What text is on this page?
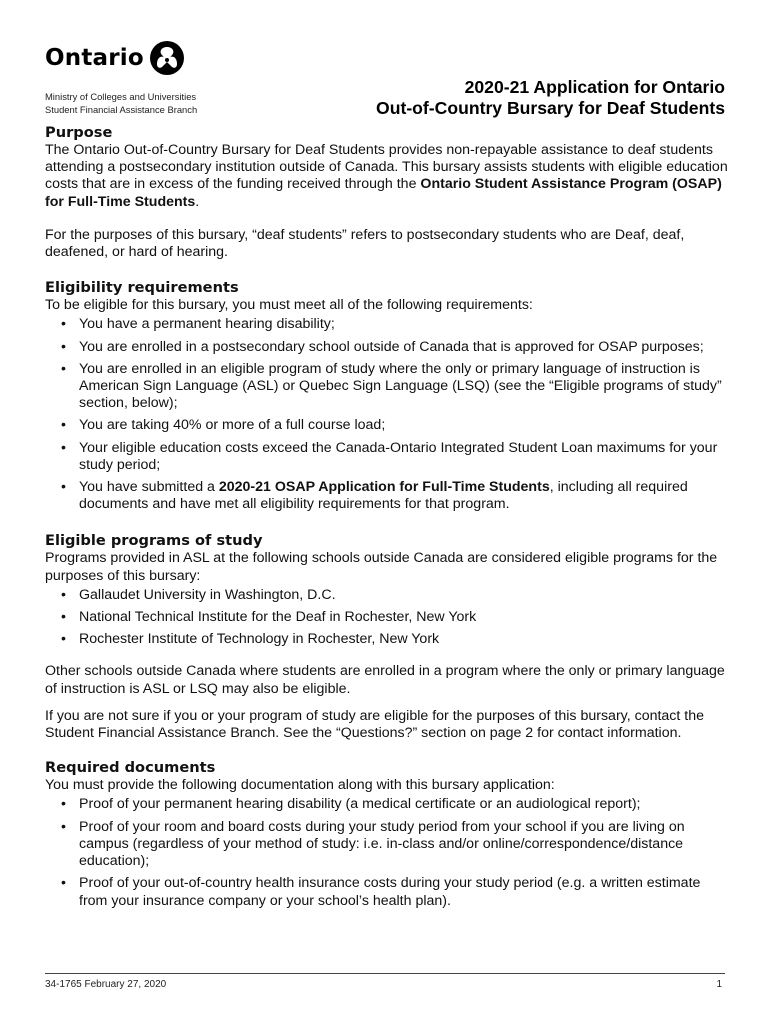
Ontario
Ministry of Colleges and Universities
Student Financial Assistance Branch
2020-21 Application for Ontario
Out-of-Country Bursary for Deaf Students
Purpose

The Ontario Out-of-Country Bursary for Deaf Students provides non-repayable assistance to deaf students attending a postsecondary institution outside of Canada. This bursary assists students with eligible education costs that are in excess of the funding received through the Ontario Student Assistance Program (OSAP) for Full-Time Students.

For the purposes of this bursary, “deaf students” refers to postsecondary students who are Deaf, deaf, deafened, or hard of hearing.

Eligibility requirements

To be eligible for this bursary, you must meet all of the following requirements:

• You have a permanent hearing disability;
• You are enrolled in a postsecondary school outside of Canada that is approved for OSAP purposes;
• You are enrolled in an eligible program of study where the only or primary language of instruction is American Sign Language (ASL) or Quebec Sign Language (LSQ) (see the “Eligible programs of study” section, below);
• You are taking 40% or more of a full course load;
• Your eligible education costs exceed the Canada-Ontario Integrated Student Loan maximums for your study period;
• You have submitted a 2020-21 OSAP Application for Full-Time Students, including all required documents and have met all eligibility requirements for that program.
Eligible programs of study

Programs provided in ASL at the following schools outside Canada are considered eligible programs for the purposes of this bursary:

• Gallaudet University in Washington, D.C.
• National Technical Institute for the Deaf in Rochester, New York
• Rochester Institute of Technology in Rochester, New York

Other schools outside Canada where students are enrolled in a program where the only or primary language of instruction is ASL or LSQ may also be eligible.

If you are not sure if you or your program of study are eligible for the purposes of this bursary, contact the Student Financial Assistance Branch. See the “Questions?” section on page 2 for contact information.

Required documents

You must provide the following documentation along with this bursary application:

• Proof of your permanent hearing disability (a medical certificate or an audiological report);
• Proof of your room and board costs during your study period from your school if you are living on campus (regardless of your method of study: i.e. in-class and/or online/correspondence/distance education);
• Proof of your out-of-country health insurance costs during your study period (e.g. a written estimate from your insurance company or your school’s health plan).
34-1765 February 27, 2020	1
